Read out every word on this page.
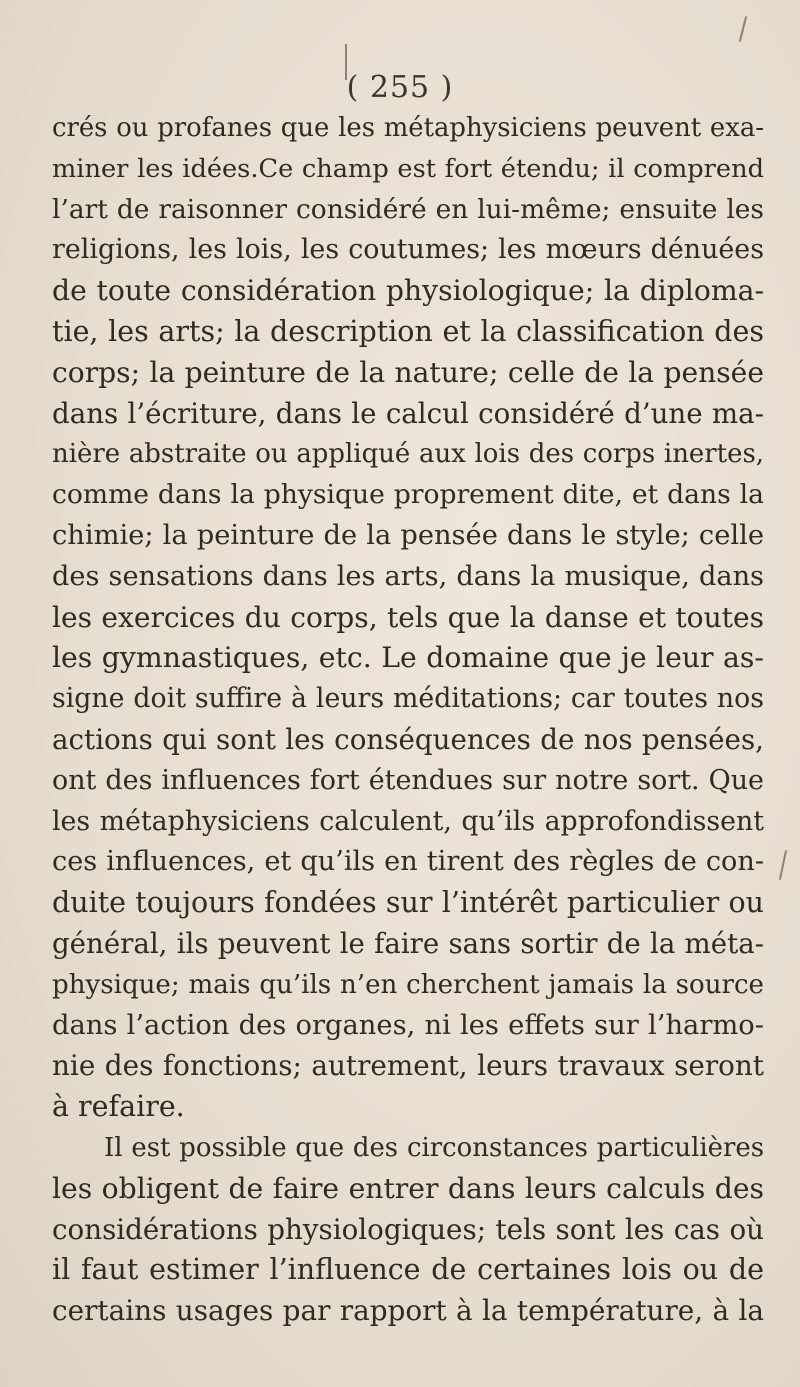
( 255 )
crés ou profanes que les métaphysiciens peuvent exa-
miner les idées.Ce champ est fort étendu; il comprend
l’art de raisonner considéré en lui-même; ensuite les
religions, les lois, les coutumes; les mœurs dénuées
de toute considération physiologique; la diploma-
tie, les arts; la description et la classification des
corps; la peinture de la nature; celle de la pensée
dans l’écriture, dans le calcul considéré d’une ma-
nière abstraite ou appliqué aux lois des corps inertes,
comme dans la physique proprement dite, et dans la
chimie; la peinture de la pensée dans le style; celle
des sensations dans les arts, dans la musique, dans
les exercices du corps, tels que la danse et toutes
les gymnastiques, etc. Le domaine que je leur as-
signe doit suffire à leurs méditations; car toutes nos
actions qui sont les conséquences de nos pensées,
ont des influences fort étendues sur notre sort. Que
les métaphysiciens calculent, qu’ils approfondissent
ces influences, et qu’ils en tirent des règles de con-
duite toujours fondées sur l’intérêt particulier ou
général, ils peuvent le faire sans sortir de la méta-
physique; mais qu’ils n’en cherchent jamais la source
dans l’action des organes, ni les effets sur l’harmo-
nie des fonctions; autrement, leurs travaux seront
à refaire.
Il est possible que des circonstances particulières
les obligent de faire entrer dans leurs calculs des
considérations physiologiques; tels sont les cas où
il faut estimer l’influence de certaines lois ou de
certains usages par rapport à la température, à la
